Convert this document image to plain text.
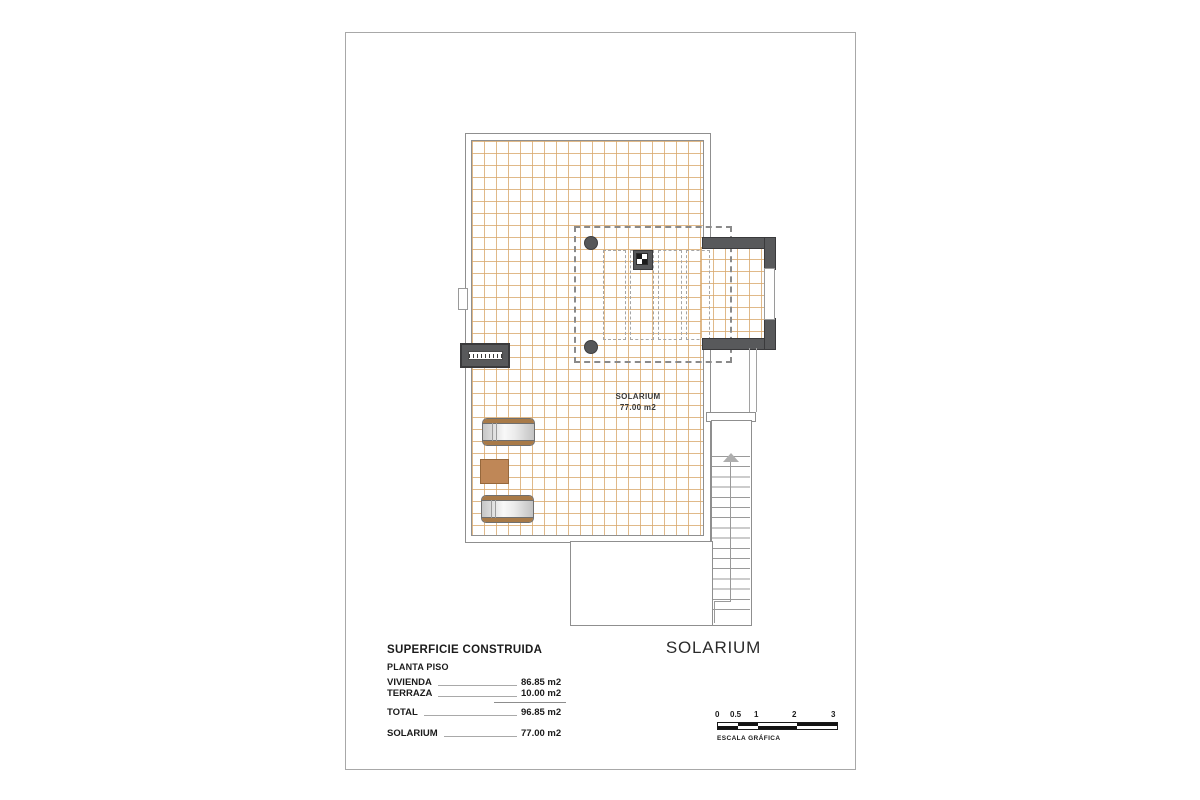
SOLARIUM
77.00 m2
SOLARIUM
SUPERFICIE CONSTRUIDA
PLANTA PISO
VIVIENDA	86.85 m2
TERRAZA	10.00 m2
TOTAL	96.85 m2
SOLARIUM	77.00 m2
0 0.5 1	2	3
ESCALA GRÁFICA
